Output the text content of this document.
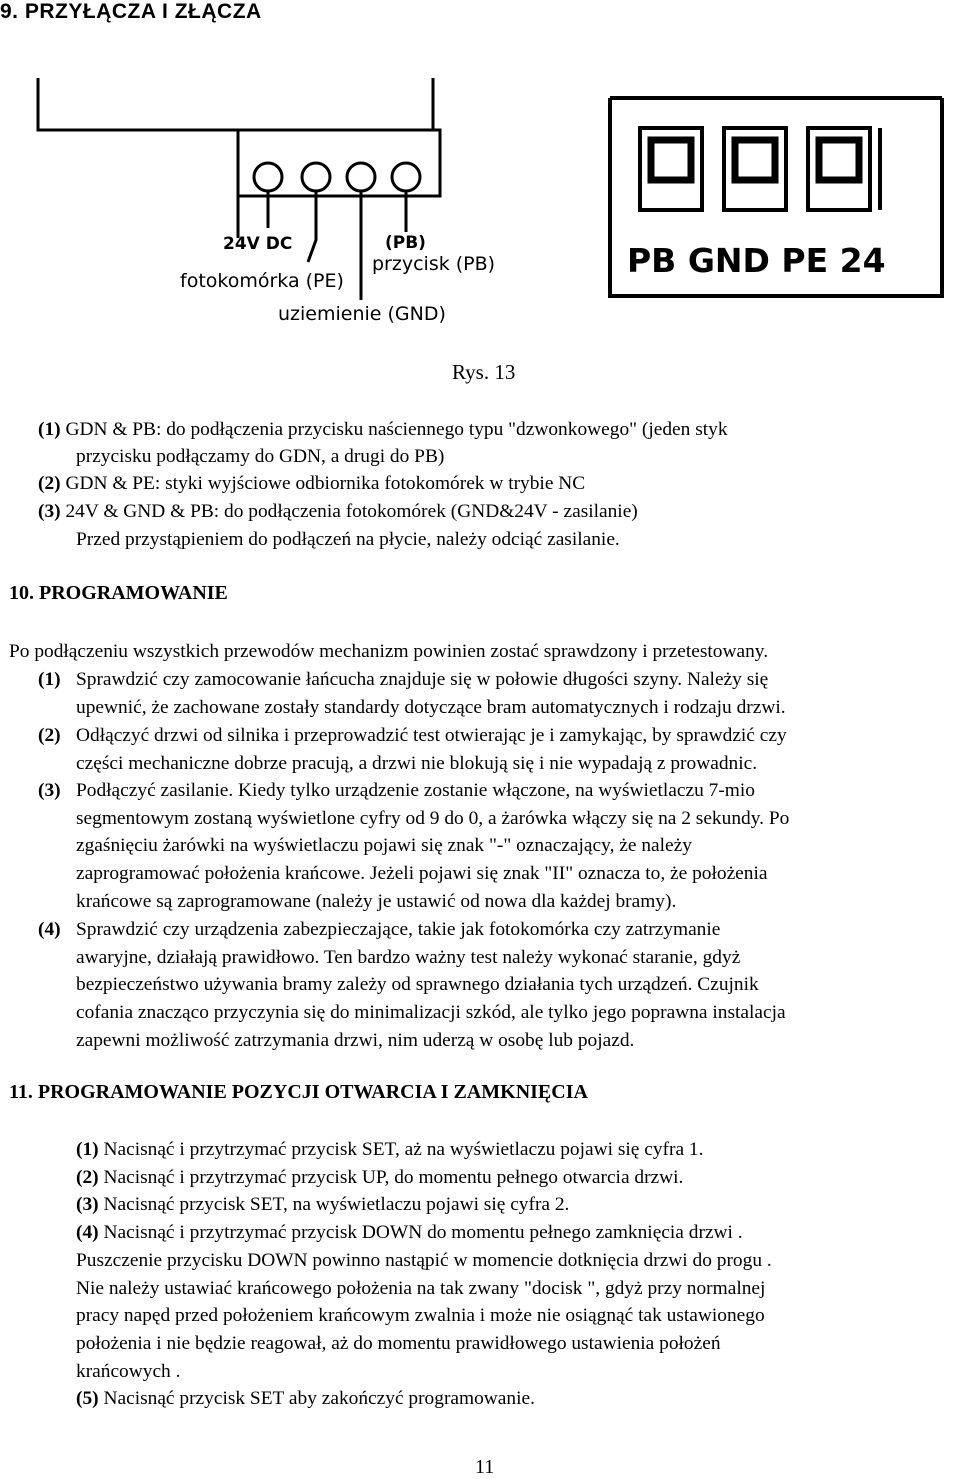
9. PRZYŁĄCZA I ZŁĄCZA
24V DC	(PB)
przycisk (PB)
fotokomórka (PE)
uziemienie (GND)
PB GND PE 24
Rys. 13
(1) GDN & PB: do podłączenia przycisku naściennego typu "dzwonkowego" (jeden styk
przycisku podłączamy do GDN, a drugi do PB)
(2) GDN & PE: styki wyjściowe odbiornika fotokomórek w trybie NC
(3) 24V & GND & PB: do podłączenia fotokomórek (GND&24V - zasilanie)
Przed przystąpieniem do podłączeń na płycie, należy odciąć zasilanie.
10. PROGRAMOWANIE
Po podłączeniu wszystkich przewodów mechanizm powinien zostać sprawdzony i przetestowany.
(1) Sprawdzić czy zamocowanie łańcucha znajduje się w połowie długości szyny. Należy się
upewnić, że zachowane zostały standardy dotyczące bram automatycznych i rodzaju drzwi.
(2) Odłączyć drzwi od silnika i przeprowadzić test otwierając je i zamykając, by sprawdzić czy
części mechaniczne dobrze pracują, a drzwi nie blokują się i nie wypadają z prowadnic.
(3) Podłączyć zasilanie. Kiedy tylko urządzenie zostanie włączone, na wyświetlaczu 7-mio
segmentowym zostaną wyświetlone cyfry od 9 do 0, a żarówka włączy się na 2 sekundy. Po
zgaśnięciu żarówki na wyświetlaczu pojawi się znak "-" oznaczający, że należy
zaprogramować położenia krańcowe. Jeżeli pojawi się znak "II" oznacza to, że położenia
krańcowe są zaprogramowane (należy je ustawić od nowa dla każdej bramy).
(4) Sprawdzić czy urządzenia zabezpieczające, takie jak fotokomórka czy zatrzymanie
awaryjne, działają prawidłowo. Ten bardzo ważny test należy wykonać staranie, gdyż
bezpieczeństwo używania bramy zależy od sprawnego działania tych urządzeń. Czujnik
cofania znacząco przyczynia się do minimalizacji szkód, ale tylko jego poprawna instalacja
zapewni możliwość zatrzymania drzwi, nim uderzą w osobę lub pojazd.
11. PROGRAMOWANIE POZYCJI OTWARCIA I ZAMKNIĘCIA
(1) Nacisnąć i przytrzymać przycisk SET, aż na wyświetlaczu pojawi się cyfra 1.
(2) Nacisnąć i przytrzymać przycisk UP, do momentu pełnego otwarcia drzwi.
(3) Nacisnąć przycisk SET, na wyświetlaczu pojawi się cyfra 2.
(4) Nacisnąć i przytrzymać przycisk DOWN do momentu pełnego zamknięcia drzwi .
Puszczenie przycisku DOWN powinno nastąpić w momencie dotknięcia drzwi do progu .
Nie należy ustawiać krańcowego położenia na tak zwany "docisk ", gdyż przy normalnej
pracy napęd przed położeniem krańcowym zwalnia i może nie osiągnąć tak ustawionego
położenia i nie będzie reagował, aż do momentu prawidłowego ustawienia położeń
krańcowych .
(5) Nacisnąć przycisk SET aby zakończyć programowanie.
11
